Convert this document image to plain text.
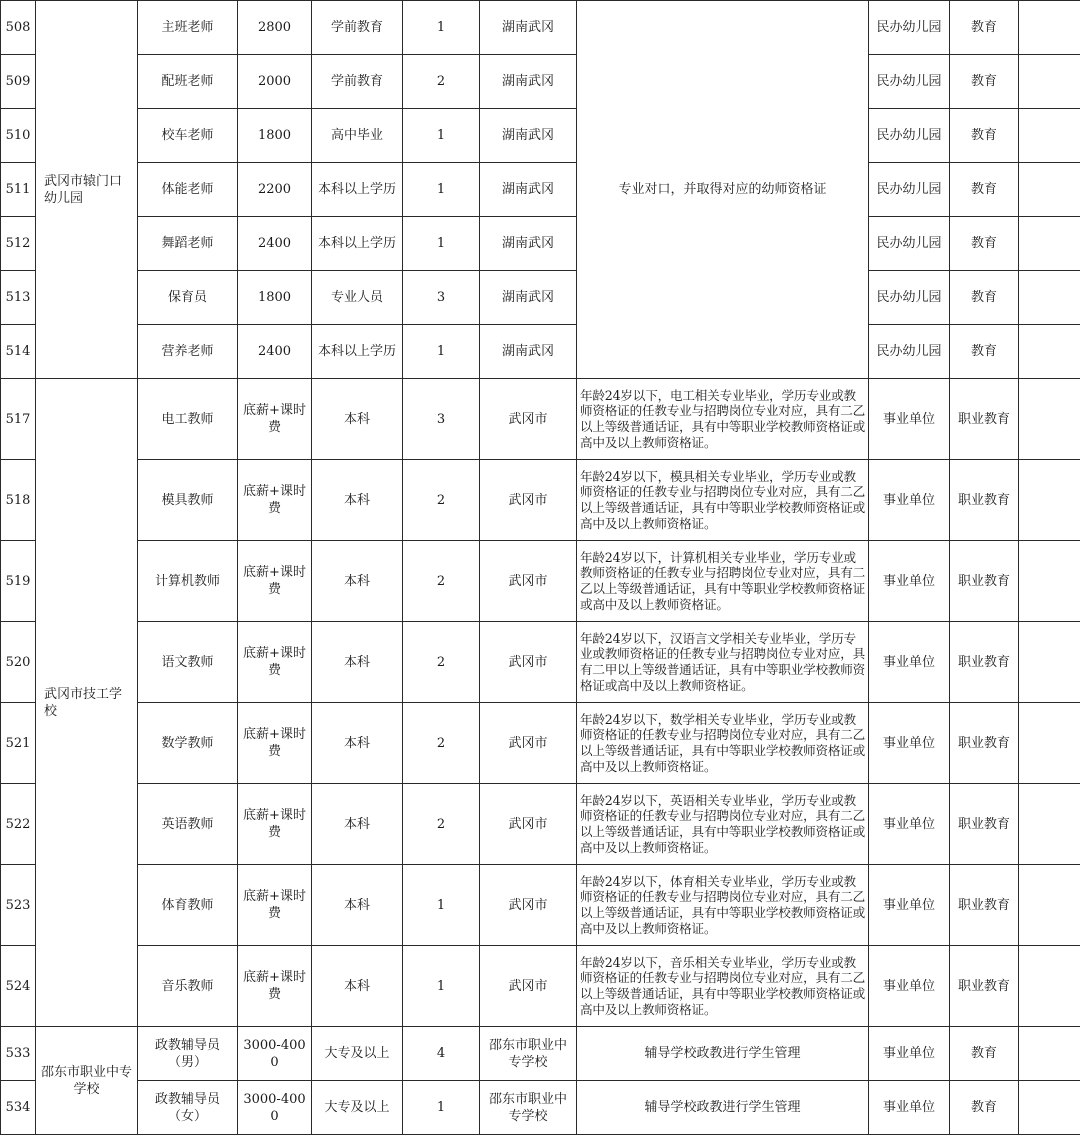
508	武冈市辕门口幼儿园	主班老师	2800	学前教育	1	湖南武冈	专业对口，并取得对应的幼师资格证	民办幼儿园	教育	
509		配班老师	2000	学前教育	2	湖南武冈		民办幼儿园	教育	
510		校车老师	1800	高中毕业	1	湖南武冈		民办幼儿园	教育	
511		体能老师	2200	本科以上学历	1	湖南武冈		民办幼儿园	教育	
512		舞蹈老师	2400	本科以上学历	1	湖南武冈		民办幼儿园	教育	
513		保育员	1800	专业人员	3	湖南武冈		民办幼儿园	教育	
514		营养老师	2400	本科以上学历	1	湖南武冈		民办幼儿园	教育	
517	武冈市技工学校	电工教师	底薪+课时费	本科	3	武冈市	年龄24岁以下，电工相关专业毕业，学历专业或教师资格证的任教专业与招聘岗位专业对应，具有二乙以上等级普通话证，具有中等职业学校教师资格证或高中及以上教师资格证。	事业单位	职业教育	
518		模具教师	底薪+课时费	本科	2	武冈市	年龄24岁以下，模具相关专业毕业，学历专业或教师资格证的任教专业与招聘岗位专业对应，具有二乙以上等级普通话证，具有中等职业学校教师资格证或高中及以上教师资格证。	事业单位	职业教育	
519		计算机教师	底薪+课时费	本科	2	武冈市	年龄24岁以下，计算机相关专业毕业，学历专业或教师资格证的任教专业与招聘岗位专业对应，具有二乙以上等级普通话证，具有中等职业学校教师资格证或高中及以上教师资格证。	事业单位	职业教育	
520		语文教师	底薪+课时费	本科	2	武冈市	年龄24岁以下，汉语言文学相关专业毕业，学历专业或教师资格证的任教专业与招聘岗位专业对应，具有二甲以上等级普通话证，具有中等职业学校教师资格证或高中及以上教师资格证。	事业单位	职业教育	
521		数学教师	底薪+课时费	本科	2	武冈市	年龄24岁以下，数学相关专业毕业，学历专业或教师资格证的任教专业与招聘岗位专业对应，具有二乙以上等级普通话证，具有中等职业学校教师资格证或高中及以上教师资格证。	事业单位	职业教育	
522		英语教师	底薪+课时费	本科	2	武冈市	年龄24岁以下，英语相关专业毕业，学历专业或教师资格证的任教专业与招聘岗位专业对应，具有二乙以上等级普通话证，具有中等职业学校教师资格证或高中及以上教师资格证。	事业单位	职业教育	
523		体育教师	底薪+课时费	本科	1	武冈市	年龄24岁以下，体育相关专业毕业，学历专业或教师资格证的任教专业与招聘岗位专业对应，具有二乙以上等级普通话证，具有中等职业学校教师资格证或高中及以上教师资格证。	事业单位	职业教育	
524		音乐教师	底薪+课时费	本科	1	武冈市	年龄24岁以下，音乐相关专业毕业，学历专业或教师资格证的任教专业与招聘岗位专业对应，具有二乙以上等级普通话证，具有中等职业学校教师资格证或高中及以上教师资格证。	事业单位	职业教育	
533	邵东市职业中专学校	政教辅导员（男）	3000-4000	大专及以上	4	邵东市职业中专学校	辅导学校政教进行学生管理	事业单位	教育	
534		政教辅导员（女）	3000-4000	大专及以上	1	邵东市职业中专学校	辅导学校政教进行学生管理	事业单位	教育	
